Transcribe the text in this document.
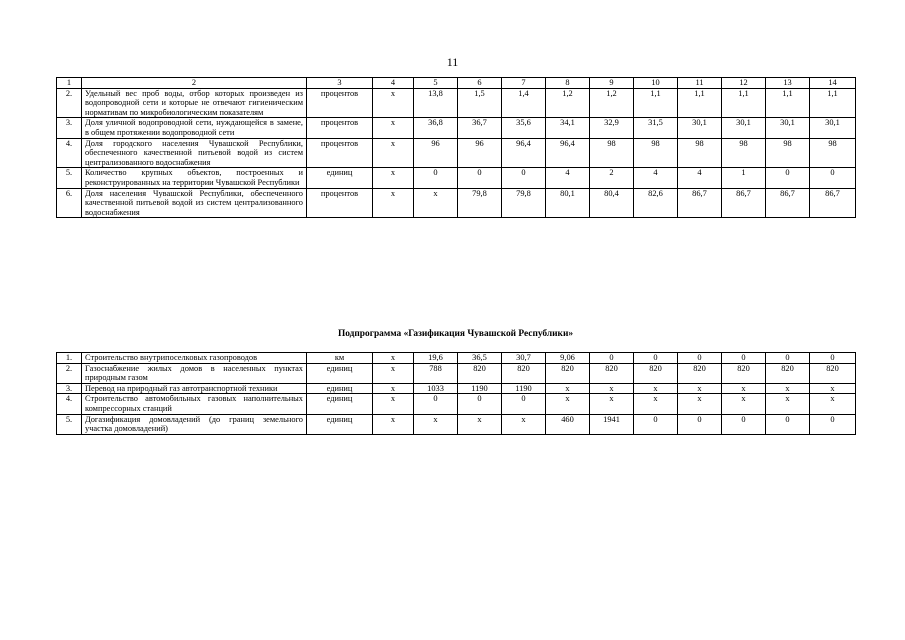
11
1	2	3	4	5	6	7	8	9	10	11	12	13	14
2.	Удельный вес проб воды, отбор которых произведен из водопроводной сети и которые не отвечают гигиеническим нормативам по микробиологическим показателям	процентов	х	13,8	1,5	1,4	1,2	1,2	1,1	1,1	1,1	1,1	1,1
3.	Доля уличной водопроводной сети, нуждающейся в замене, в общем протяжении водопроводной сети	процентов	х	36,8	36,7	35,6	34,1	32,9	31,5	30,1	30,1	30,1	30,1
4.	Доля городского населения Чувашской Республики, обеспеченного качественной питьевой водой из систем централизованного водоснабжения	процентов	х	96	96	96,4	96,4	98	98	98	98	98	98
5.	Количество крупных объектов, построенных и реконструированных на территории Чувашской Республики	единиц	х	0	0	0	4	2	4	4	1	0	0
6.	Доля населения Чувашской Республики, обеспеченного качественной питьевой водой из систем централизованного водоснабжения	процентов	х	х	79,8	79,8	80,1	80,4	82,6	86,7	86,7	86,7	86,7
Подпрограмма «Газификация Чувашской Республики»
1.	Строительство внутрипоселковых газопроводов	км	х	19,6	36,5	30,7	9,06	0	0	0	0	0	0
2.	Газоснабжение жилых домов в населенных пунктах природным газом	единиц	х	788	820	820	820	820	820	820	820	820	820
3.	Перевод на природный газ автотранспортной техники	единиц	х	1033	1190	1190	х	х	х	х	х	х	х
4.	Строительство автомобильных газовых наполнительных компрессорных станций	единиц	х	0	0	0	х	х	х	х	х	х	х
5.	Догазификация домовладений (до границ земельного участка домовладений)	единиц	х	х	х	х	460	1941	0	0	0	0	0
